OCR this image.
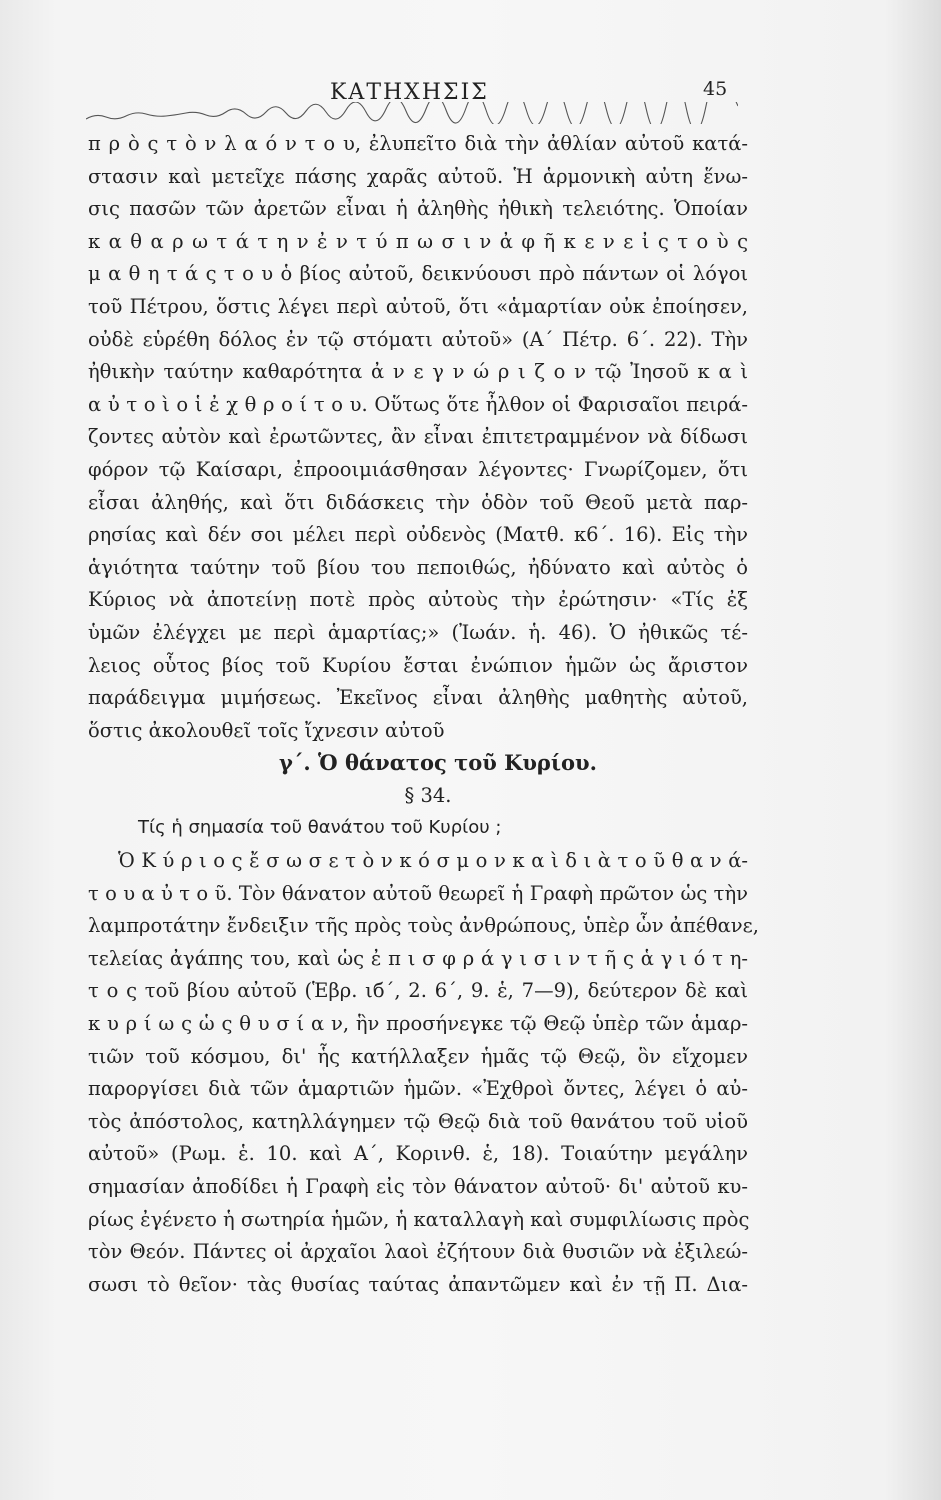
ΚΑΤΗΧΗΣΙΣ	45
π ρ ὸ ς τ ὸ ν λ α ό ν τ ο υ, ἐλυπεῖτο διὰ τὴν ἀθλίαν αὐτοῦ κατά-
στασιν καὶ μετεῖχε πάσης χαρᾶς αὐτοῦ. Ἡ ἁρμονικὴ αὐτη ἕνω-
σις πασῶν τῶν ἀρετῶν εἶναι ἡ ἀληθὴς ἠθικὴ τελειότης. Ὁποίαν
κ α θ α ρ ω τ ά τ η ν ἐ ν τ ύ π ω σ ι ν ἀ φ ῆ κ ε ν ε ἰ ς τ ο ὺ ς
μ α θ η τ ά ς τ ο υ ὁ βίος αὐτοῦ, δεικνύουσι πρὸ πάντων οἱ λόγοι
τοῦ Πέτρου, ὅστις λέγει περὶ αὐτοῦ, ὅτι «ἁμαρτίαν οὐκ ἐποίησεν,
οὐδὲ εὑρέθη δόλος ἐν τῷ στόματι αὐτοῦ» (Α΄ Πέτρ. 6΄. 22). Τὴν
ἠθικὴν ταύτην καθαρότητα ἀ ν ε γ ν ώ ρ ι ζ ο ν τῷ Ἰησοῦ κ α ὶ
α ὐ τ ο ὶ ο ἱ ἐ χ θ ρ ο ί τ ο υ. Οὕτως ὅτε ἦλθον οἱ Φαρισαῖοι πειρά-
ζοντες αὐτὸν καὶ ἐρωτῶντες, ἂν εἶναι ἐπιτετραμμένον νὰ δίδωσι
φόρον τῷ Καίσαρι, ἐπροοιμιάσθησαν λέγοντες· Γνωρίζομεν, ὅτι
εἶσαι ἀληθής, καὶ ὅτι διδάσκεις τὴν ὁδὸν τοῦ Θεοῦ μετὰ παρ-
ρησίας καὶ δέν σοι μέλει περὶ οὐδενὸς (Ματθ. κ6΄. 16). Εἰς τὴν
ἁγιότητα ταύτην τοῦ βίου του πεποιθώς, ἠδύνατο καὶ αὐτὸς ὁ
Κύριος νὰ ἀποτείνῃ ποτὲ πρὸς αὐτοὺς τὴν ἐρώτησιν· «Τίς ἐξ
ὑμῶν ἐλέγχει με περὶ ἁμαρτίας;» (Ἰωάν. ἡ. 46). Ὁ ἠθικῶς τέ-
λειος οὗτος βίος τοῦ Κυρίου ἔσται ἐνώπιον ἡμῶν ὡς ἄριστον
παράδειγμα μιμήσεως. Ἐκεῖνος εἶναι ἀληθὴς μαθητὴς αὐτοῦ,
ὅστις ἀκολουθεῖ τοῖς ἴχνεσιν αὐτοῦ
γ΄. Ὁ θάνατος τοῦ Κυρίου.
§ 34.
Τίς ἡ σημασία τοῦ θανάτου τοῦ Κυρίου ;
Ὁ Κ ύ ρ ι ο ς ἔ σ ω σ ε τ ὸ ν κ ό σ μ ο ν κ α ὶ δ ι ὰ τ ο ῦ θ α ν ά-
τ ο υ α ὐ τ ο ῦ. Τὸν θάνατον αὐτοῦ θεωρεῖ ἡ Γραφὴ πρῶτον ὡς τὴν
λαμπροτάτην ἔνδειξιν τῆς πρὸς τοὺς ἀνθρώπους, ὑπὲρ ὧν ἀπέθανε,
τελείας ἀγάπης του, καὶ ὡς ἐ π ι σ φ ρ ά γ ι σ ι ν τ ῆ ς ἁ γ ι ό τ η-
τ ο ς τοῦ βίου αὐτοῦ (Ἑβρ. ιб΄, 2. 6΄, 9. ἑ, 7—9), δεύτερον δὲ καὶ
κ υ ρ ί ω ς ὡ ς θ υ σ ί α ν, ἣν προσήνεγκε τῷ Θεῷ ὑπὲρ τῶν ἁμαρ-
τιῶν τοῦ κόσμου, δι' ἧς κατήλλαξεν ἡμᾶς τῷ Θεῷ, ὃν εἴχομεν
παροργίσει διὰ τῶν ἁμαρτιῶν ἡμῶν. «Ἐχθροὶ ὄντες, λέγει ὁ αὐ-
τὸς ἀπόστολος, κατηλλάγημεν τῷ Θεῷ διὰ τοῦ θανάτου τοῦ υἱοῦ
αὐτοῦ» (Ρωμ. ἑ. 10. καὶ Α΄, Κορινθ. ἑ, 18). Τοιαύτην μεγάλην
σημασίαν ἀποδίδει ἡ Γραφὴ εἰς τὸν θάνατον αὐτοῦ· δι' αὐτοῦ κυ-
ρίως ἐγένετο ἡ σωτηρία ἡμῶν, ἡ καταλλαγὴ καὶ συμφιλίωσις πρὸς
τὸν Θεόν. Πάντες οἱ ἀρχαῖοι λαοὶ ἐζήτουν διὰ θυσιῶν νὰ ἐξιλεώ-
σωσι τὸ θεῖον· τὰς θυσίας ταύτας ἀπαντῶμεν καὶ ἐν τῇ Π. Δια-
